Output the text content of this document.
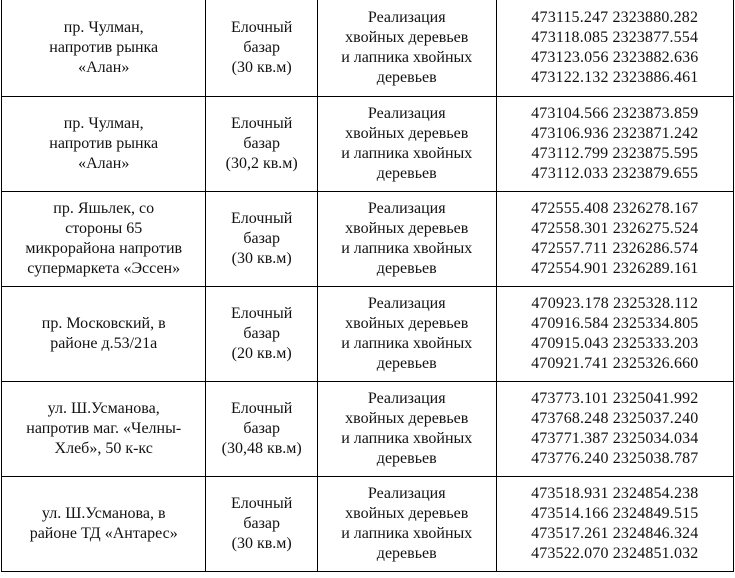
пр. Чулман,
напротив рынка
«Алан»	Елочный
базар
(30 кв.м)	Реализация
хвойных деревьев
и лапника хвойных
деревьев	473115.247 2323880.282
473118.085 2323877.554
473123.056 2323882.636
473122.132 2323886.461

пр. Чулман,
напротив рынка
«Алан»	Елочный
базар
(30,2 кв.м)	Реализация
хвойных деревьев
и лапника хвойных
деревьев	473104.566 2323873.859
473106.936 2323871.242
473112.799 2323875.595
473112.033 2323879.655

пр. Яшьлек, со
стороны 65
микрорайона напротив
супермаркета «Эссен»	Елочный
базар
(30 кв.м)	Реализация
хвойных деревьев
и лапника хвойных
деревьев	472555.408 2326278.167
472558.301 2326275.524
472557.711 2326286.574
472554.901 2326289.161

пр. Московский, в
районе д.53/21а	Елочный
базар
(20 кв.м)	Реализация
хвойных деревьев
и лапника хвойных
деревьев	470923.178 2325328.112
470916.584 2325334.805
470915.043 2325333.203
470921.741 2325326.660

ул. Ш.Усманова,
напротив маг. «Челны-
Хлеб», 50 к-кс	Елочный
базар
(30,48 кв.м)	Реализация
хвойных деревьев
и лапника хвойных
деревьев	473773.101 2325041.992
473768.248 2325037.240
473771.387 2325034.034
473776.240 2325038.787

ул. Ш.Усманова, в
районе ТД «Антарес»	Елочный
базар
(30 кв.м)	Реализация
хвойных деревьев
и лапника хвойных
деревьев	473518.931 2324854.238
473514.166 2324849.515
473517.261 2324846.324
473522.070 2324851.032
